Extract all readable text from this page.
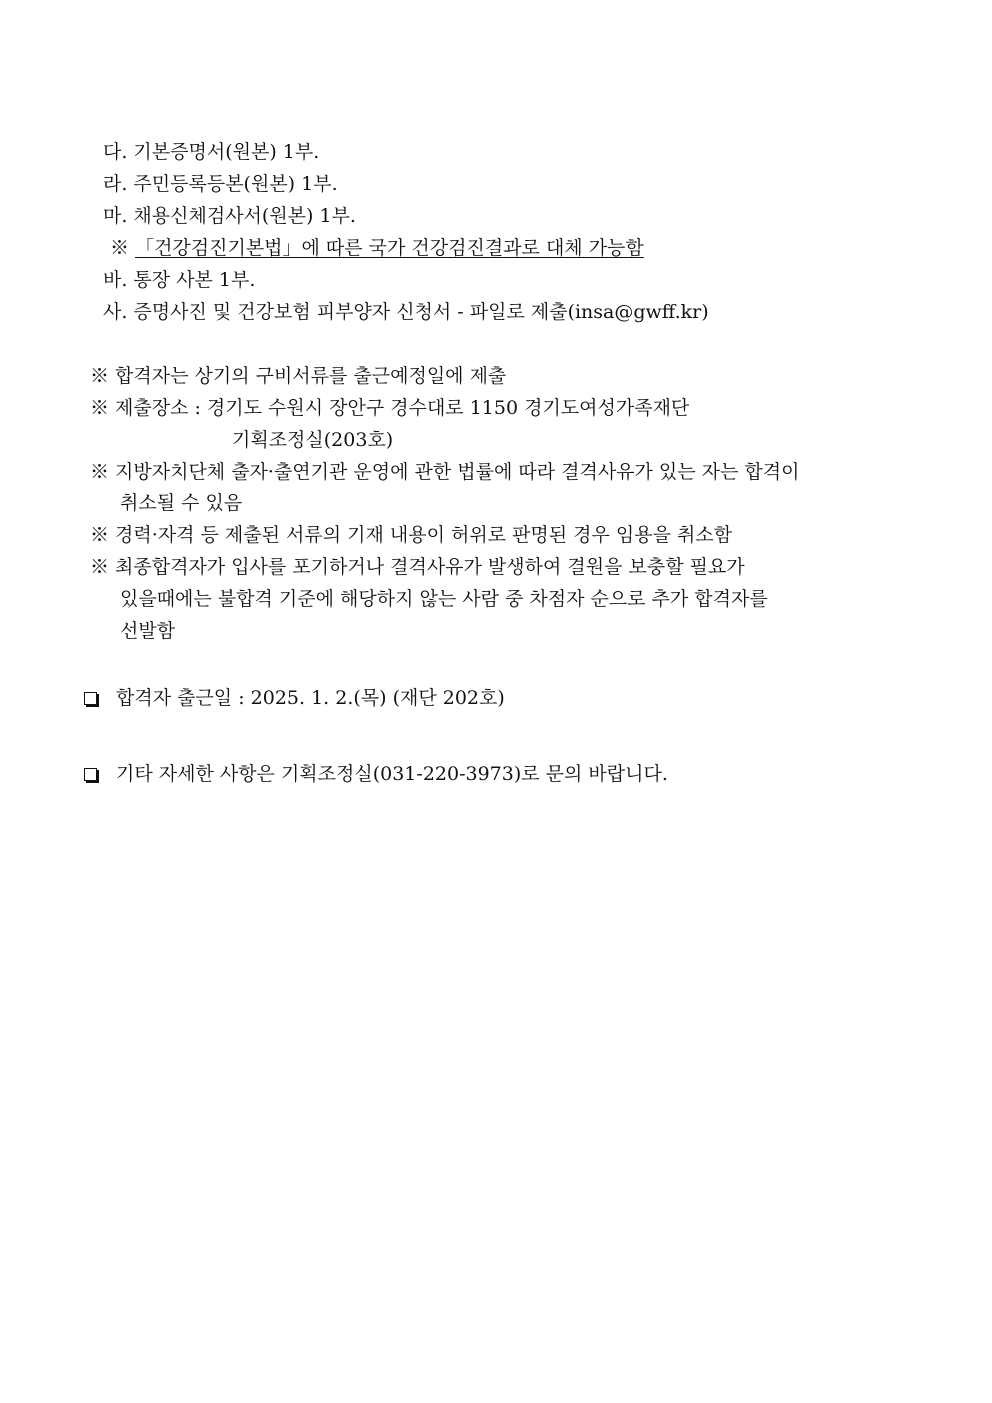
다. 기본증명서(원본) 1부.
라. 주민등록등본(원본) 1부.
마. 채용신체검사서(원본) 1부.
※ 「건강검진기본법」에 따른 국가 건강검진결과로 대체 가능함
바. 통장 사본 1부.
사. 증명사진 및 건강보험 피부양자 신청서 - 파일로 제출(insa@gwff.kr)
※ 합격자는 상기의 구비서류를 출근예정일에 제출
※ 제출장소 : 경기도 수원시 장안구 경수대로 1150 경기도여성가족재단
기획조정실(203호)
※ 지방자치단체 출자·출연기관 운영에 관한 법률에 따라 결격사유가 있는 자는 합격이
취소될 수 있음
※ 경력·자격 등 제출된 서류의 기재 내용이 허위로 판명된 경우 임용을 취소함
※ 최종합격자가 입사를 포기하거나 결격사유가 발생하여 결원을 보충할 필요가
있을때에는 불합격 기준에 해당하지 않는 사람 중 차점자 순으로 추가 합격자를
선발함
합격자 출근일 : 2025. 1. 2.(목) (재단 202호)
기타 자세한 사항은 기획조정실(031-220-3973)로 문의 바랍니다.
